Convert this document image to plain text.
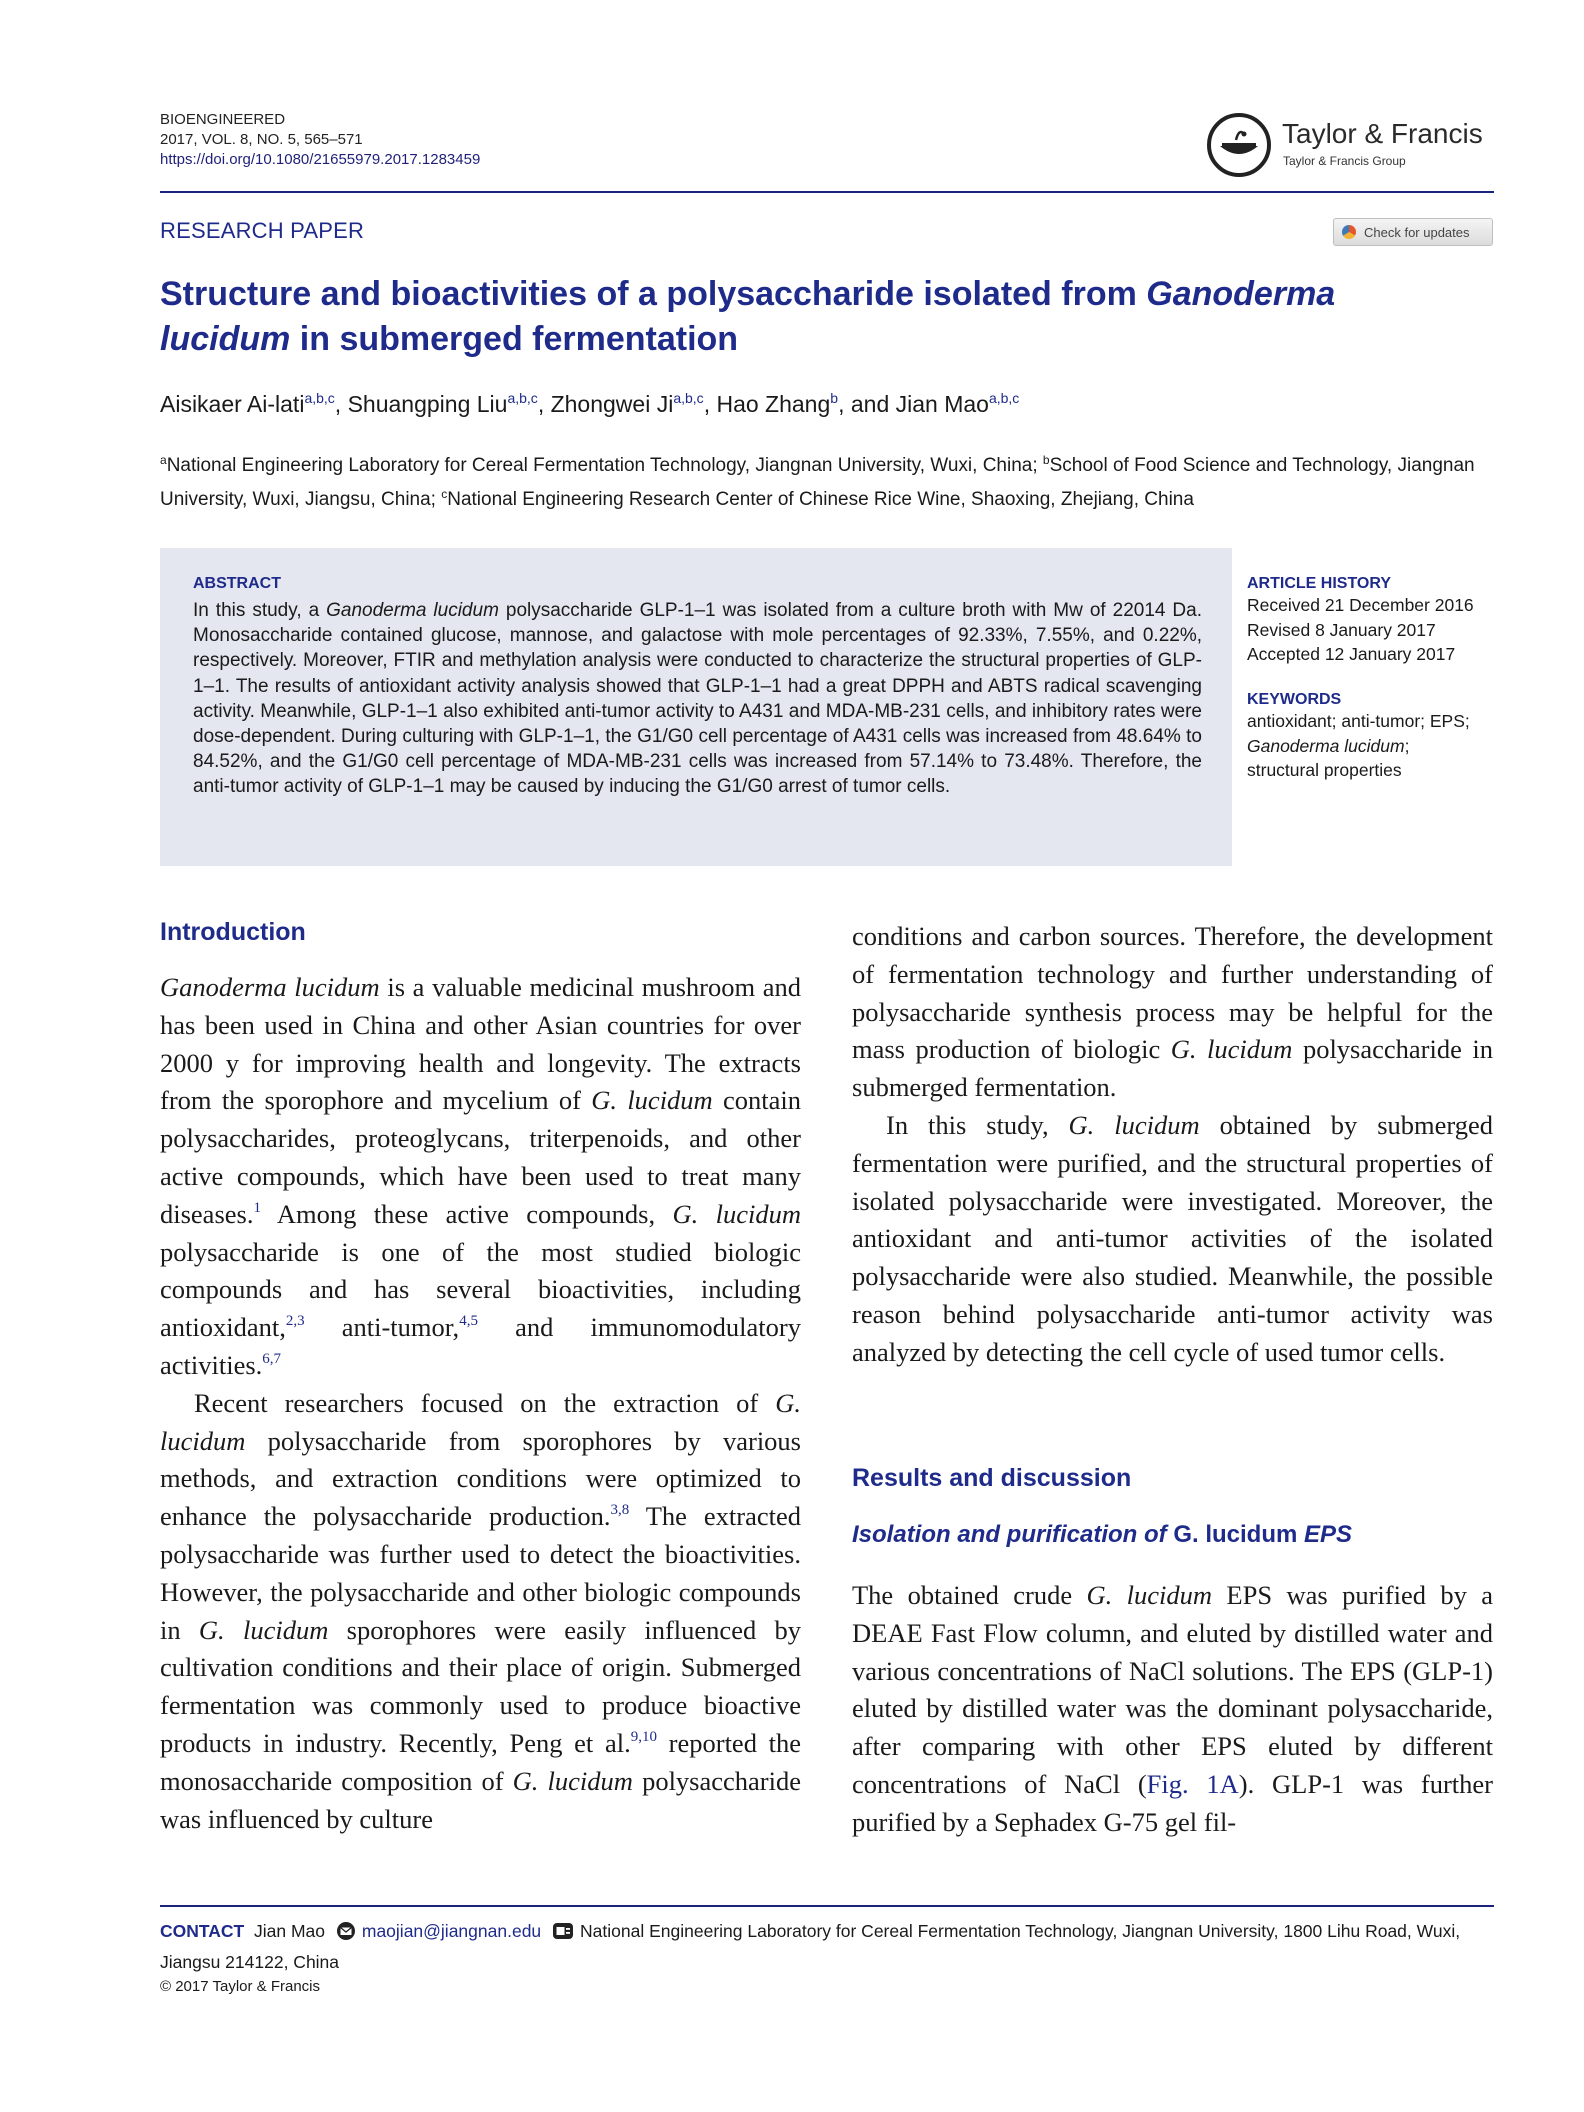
BIOENGINEERED
2017, VOL. 8, NO. 5, 565–571
https://doi.org/10.1080/21655979.2017.1283459
Taylor & Francis
Taylor & Francis Group
RESEARCH PAPER	Check for updates
Structure and bioactivities of a polysaccharide isolated from Ganoderma lucidum in submerged fermentation
Aisikaer Ai-lati$^{a,b,c}$, Shuangping Liu$^{a,b,c}$, Zhongwei Ji$^{a,b,c}$, Hao Zhang$^b$, and Jian Mao$^{a,b,c}$
$^a$National Engineering Laboratory for Cereal Fermentation Technology, Jiangnan University, Wuxi, China; $^b$School of Food Science and Technology, Jiangnan University, Wuxi, Jiangsu, China; $^c$National Engineering Research Center of Chinese Rice Wine, Shaoxing, Zhejiang, China
ABSTRACT
In this study, a Ganoderma lucidum polysaccharide GLP-1–1 was isolated from a culture broth with Mw of 22014 Da. Monosaccharide contained glucose, mannose, and galactose with mole percentages of 92.33%, 7.55%, and 0.22%, respectively. Moreover, FTIR and methylation analysis were conducted to characterize the structural properties of GLP-1–1. The results of antioxidant activity analysis showed that GLP-1–1 had a great DPPH and ABTS radical scavenging activity. Meanwhile, GLP-1–1 also exhibited anti-tumor activity to A431 and MDA-MB-231 cells, and inhibitory rates were dose-dependent. During culturing with GLP-1–1, the G1/G0 cell percentage of A431 cells was increased from 48.64% to 84.52%, and the G1/G0 cell percentage of MDA-MB-231 cells was increased from 57.14% to 73.48%. Therefore, the anti-tumor activity of GLP-1–1 may be caused by inducing the G1/G0 arrest of tumor cells.
ARTICLE HISTORY
Received 21 December 2016
Revised 8 January 2017
Accepted 12 January 2017
KEYWORDS
antioxidant; anti-tumor; EPS;
Ganoderma lucidum;
structural properties
Introduction

Ganoderma lucidum is a valuable medicinal mushroom and has been used in China and other Asian countries for over 2000 y for improving health and longevity. The extracts from the sporophore and mycelium of G. lucidum contain polysaccharides, proteoglycans, triterpenoids, and other active compounds, which have been used to treat many diseases.$^1$ Among these active compounds, G. lucidum polysaccharide is one of the most studied biologic compounds and has several bioactivities, including antioxidant,$^{2,3}$ anti-tumor,$^{4,5}$ and immunomodulatory activities.$^{6,7}$

Recent researchers focused on the extraction of G. lucidum polysaccharide from sporophores by various methods, and extraction conditions were optimized to enhance the polysaccharide production.$^{3,8}$ The extracted polysaccharide was further used to detect the bioactivities. However, the polysaccharide and other biologic compounds in G. lucidum sporophores were easily influenced by cultivation conditions and their place of origin. Submerged fermentation was commonly used to produce bioactive products in industry. Recently, Peng et al.$^{9,10}$ reported the monosaccharide composition of G. lucidum polysaccharide was influenced by culture

conditions and carbon sources. Therefore, the development of fermentation technology and further understanding of polysaccharide synthesis process may be helpful for the mass production of biologic G. lucidum polysaccharide in submerged fermentation.

In this study, G. lucidum obtained by submerged fermentation were purified, and the structural properties of isolated polysaccharide were investigated. Moreover, the antioxidant and anti-tumor activities of the isolated polysaccharide were also studied. Meanwhile, the possible reason behind polysaccharide anti-tumor activity was analyzed by detecting the cell cycle of used tumor cells.

Results and discussion
Isolation and purification of G. lucidum EPS

The obtained crude G. lucidum EPS was purified by a DEAE Fast Flow column, and eluted by distilled water and various concentrations of NaCl solutions. The EPS (GLP-1) eluted by distilled water was the dominant polysaccharide, after comparing with other EPS eluted by different concentrations of NaCl (Fig. 1A). GLP-1 was further purified by a Sephadex G-75 gel fil-

CONTACT Jian Mao maojian@jiangnan.edu National Engineering Laboratory for Cereal Fermentation Technology, Jiangnan University, 1800 Lihu Road, Wuxi, Jiangsu 214122, China
© 2017 Taylor & Francis
